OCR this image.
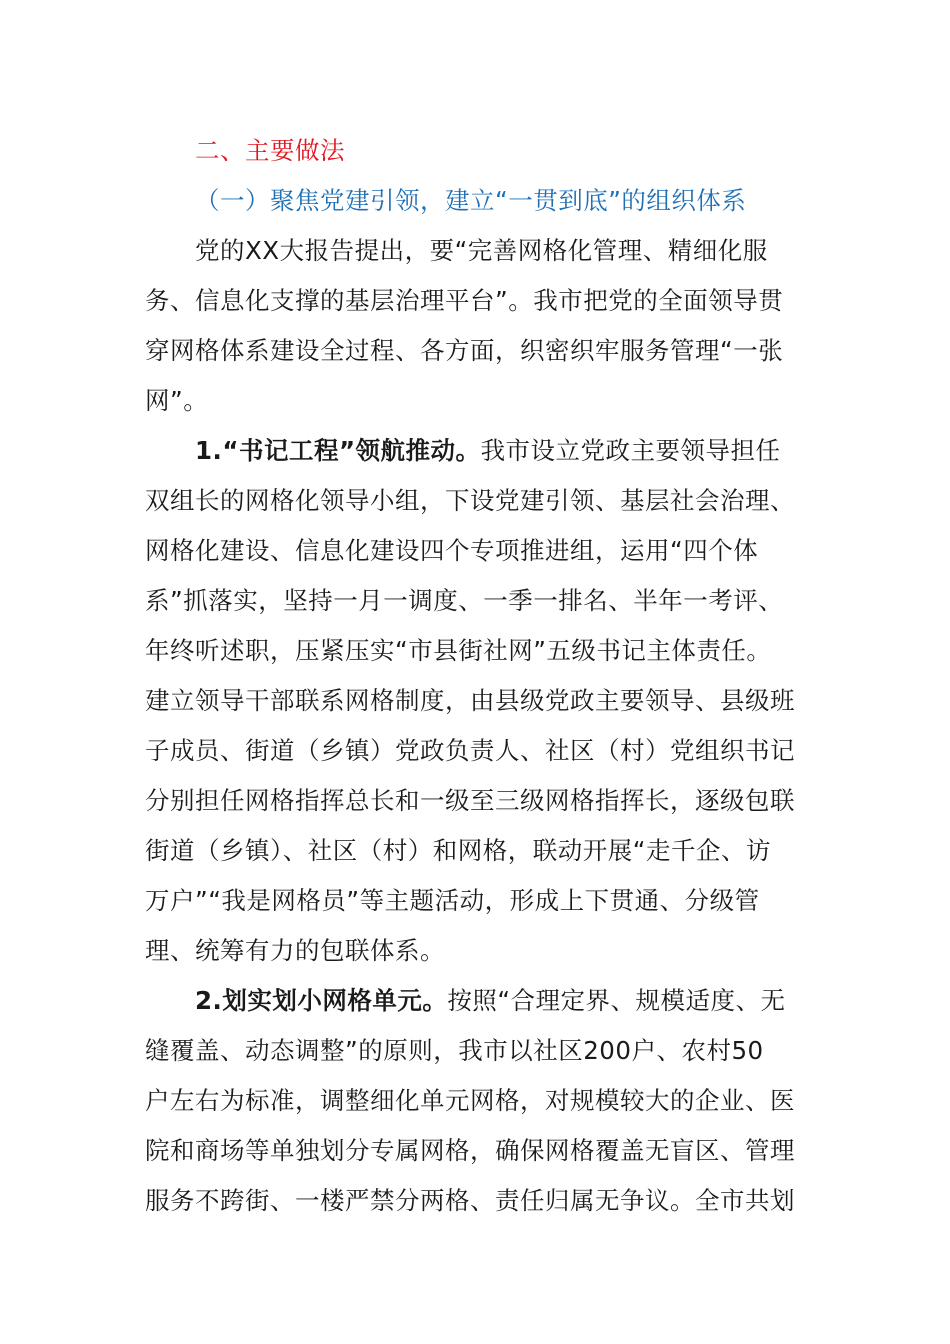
二、主要做法
（一）聚焦党建引领，建立“一贯到底”的组织体系
党的XX大报告提出，要“完善网格化管理、精细化服
务、信息化支撑的基层治理平台”。我市把党的全面领导贯
穿网格体系建设全过程、各方面，织密织牢服务管理“一张
网”。
1.“书记工程”领航推动。我市设立党政主要领导担任
双组长的网格化领导小组，下设党建引领、基层社会治理、
网格化建设、信息化建设四个专项推进组，运用“四个体
系”抓落实，坚持一月一调度、一季一排名、半年一考评、
年终听述职，压紧压实“市县街社网”五级书记主体责任。
建立领导干部联系网格制度，由县级党政主要领导、县级班
子成员、街道（乡镇）党政负责人、社区（村）党组织书记
分别担任网格指挥总长和一级至三级网格指挥长，逐级包联
街道（乡镇）、社区（村）和网格，联动开展“走千企、访
万户”“我是网格员”等主题活动，形成上下贯通、分级管
理、统筹有力的包联体系。
2.划实划小网格单元。按照“合理定界、规模适度、无
缝覆盖、动态调整”的原则，我市以社区200户、农村50
户左右为标准，调整细化单元网格，对规模较大的企业、医
院和商场等单独划分专属网格，确保网格覆盖无盲区、管理
服务不跨街、一楼严禁分两格、责任归属无争议。全市共划
